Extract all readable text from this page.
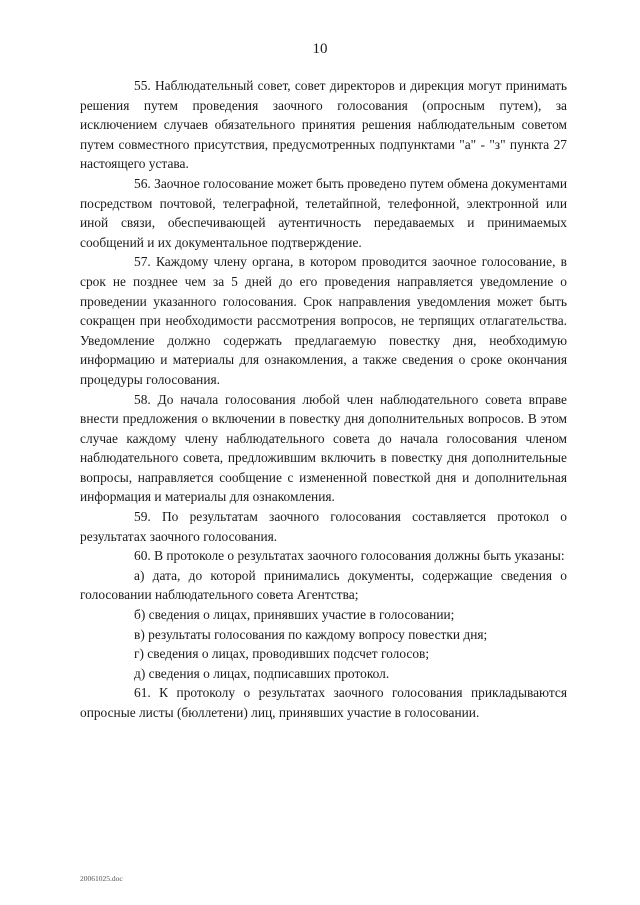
10

55. Наблюдательный совет, совет директоров и дирекция могут принимать решения путем проведения заочного голосования (опросным путем), за исключением случаев обязательного принятия решения наблюдательным советом путем совместного присутствия, предусмотренных подпунктами "а" - "з" пункта 27 настоящего устава.

56. Заочное голосование может быть проведено путем обмена документами посредством почтовой, телеграфной, телетайпной, телефонной, электронной или иной связи, обеспечивающей аутентичность передаваемых и принимаемых сообщений и их документальное подтверждение.

57. Каждому члену органа, в котором проводится заочное голосование, в срок не позднее чем за 5 дней до его проведения направляется уведомление о проведении указанного голосования. Срок направления уведомления может быть сокращен при необходимости рассмотрения вопросов, не терпящих отлагательства. Уведомление должно содержать предлагаемую повестку дня, необходимую информацию и материалы для ознакомления, а также сведения о сроке окончания процедуры голосования.

58. До начала голосования любой член наблюдательного совета вправе внести предложения о включении в повестку дня дополнительных вопросов. В этом случае каждому члену наблюдательного совета до начала голосования членом наблюдательного совета, предложившим включить в повестку дня дополнительные вопросы, направляется сообщение с измененной повесткой дня и дополнительная информация и материалы для ознакомления.

59. По результатам заочного голосования составляется протокол о результатах заочного голосования.

60. В протоколе о результатах заочного голосования должны быть указаны:

а) дата, до которой принимались документы, содержащие сведения о голосовании наблюдательного совета Агентства;

б) сведения о лицах, принявших участие в голосовании;

в) результаты голосования по каждому вопросу повестки дня;

г) сведения о лицах, проводивших подсчет голосов;

д) сведения о лицах, подписавших протокол.

61. К протоколу о результатах заочного голосования прикладываются опросные листы (бюллетени) лиц, принявших участие в голосовании.

20061025.doc
